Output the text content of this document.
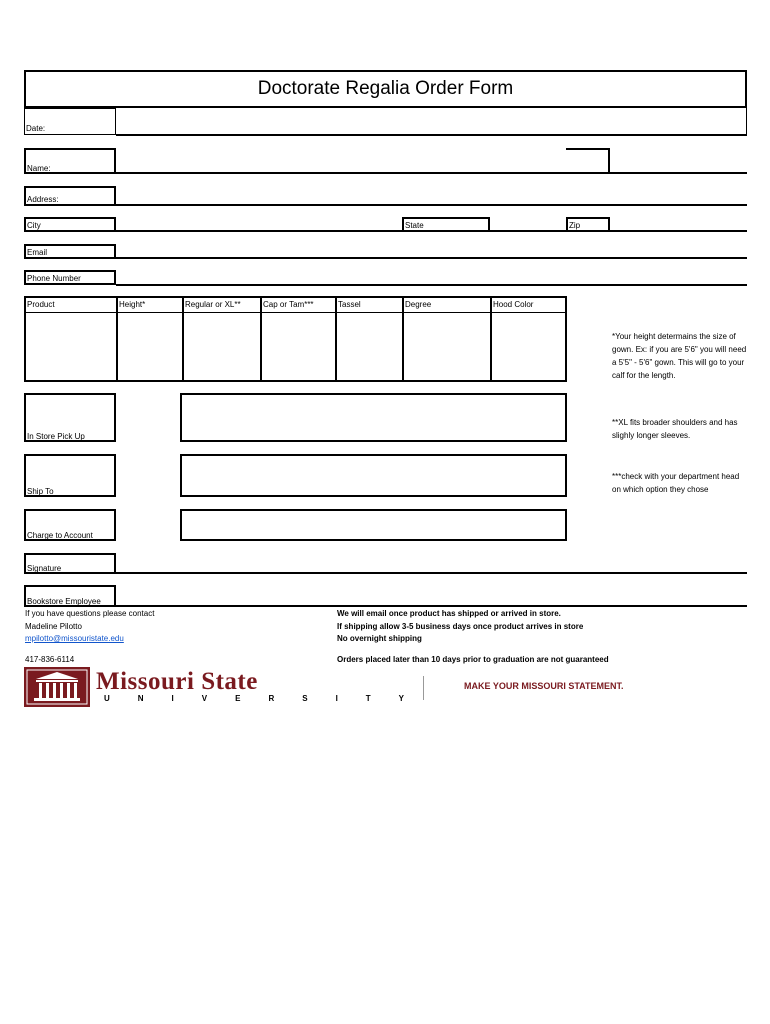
Doctorate Regalia Order Form
Date:
Name:
Address:
City	State	Zip
Email
Phone Number
Product	Height*	Regular or XL**	Cap or Tam***	Tassel	Degree	Hood Color
*Your height determains the size of gown. Ex: if you are 5'6" you will need a 5'5" - 5'6" gown. This will go to your calf for the length.
**XL fits broader shoulders and has slighly longer sleeves.
***check with your department head on which option they chose
In Store Pick Up
Ship To
Charge to Account
Signature
Bookstore Employee
If you have questions please contact
Madeline Pilotto
mpilotto@missouristate.edu
417-836-6114
We will email once product has shipped or arrived in store.
If shipping allow 3-5 business days once product arrives in store
No overnight shipping
Orders placed later than 10 days prior to graduation are not guaranteed
Missouri State
UNIVERSITY
MAKE YOUR MISSOURI STATEMENT.
